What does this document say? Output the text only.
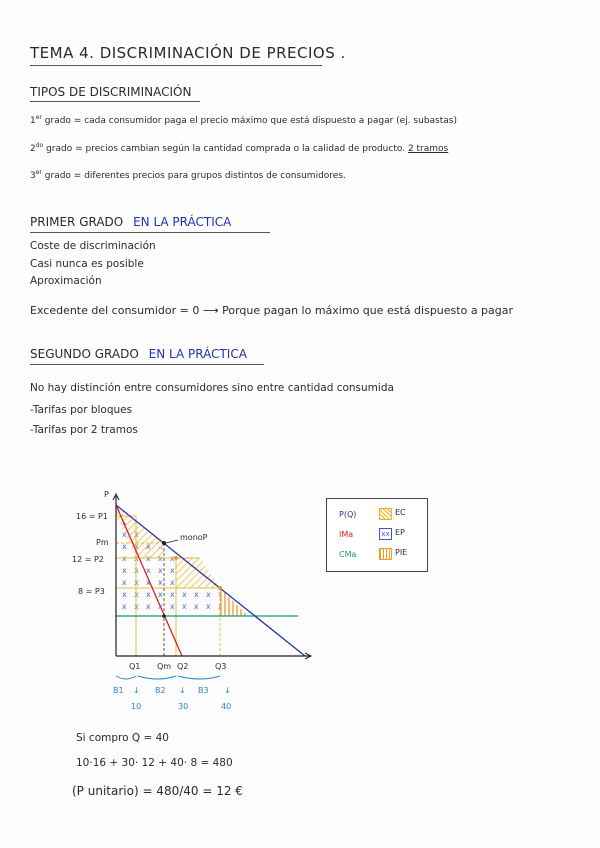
TEMA 4. DISCRIMINACIÓN DE PRECIOS .
TIPOS DE DISCRIMINACIÓN
1er grado = cada consumidor paga el precio máximo que está dispuesto a pagar (ej. subastas)
$2^{do}$ grado = precios cambian según la cantidad comprada o la calidad de producto. 2 tramos
3er grado = diferentes precios para grupos distintos de consumidores.
PRIMER GRADO EN LA PRÁCTICA
Coste de discriminación
Casi nunca es posible
Aproximación
Excedente del consumidor = 0 ⟶ Porque pagan lo máximo que está dispuesto a pagar
SEGUNDO GRADO EN LA PRÁCTICA
No hay distinción entre consumidores sino entre cantidad consumida
-Tarifas por bloques
-Tarifas por 2 tramos
P
16 = P1
Pm
12 = P2
8 = P3
monoP
Q1 Qm Q2	Q3
B1	B2	B3
↓	↓	↓
10	30	40
P(Q)
IMa
CMa
EC
xx EP
PIE
Si compro Q = 40
10·16 + 30· 12 + 40· 8 = 480
(P unitario) = 480/40 = 12 €
